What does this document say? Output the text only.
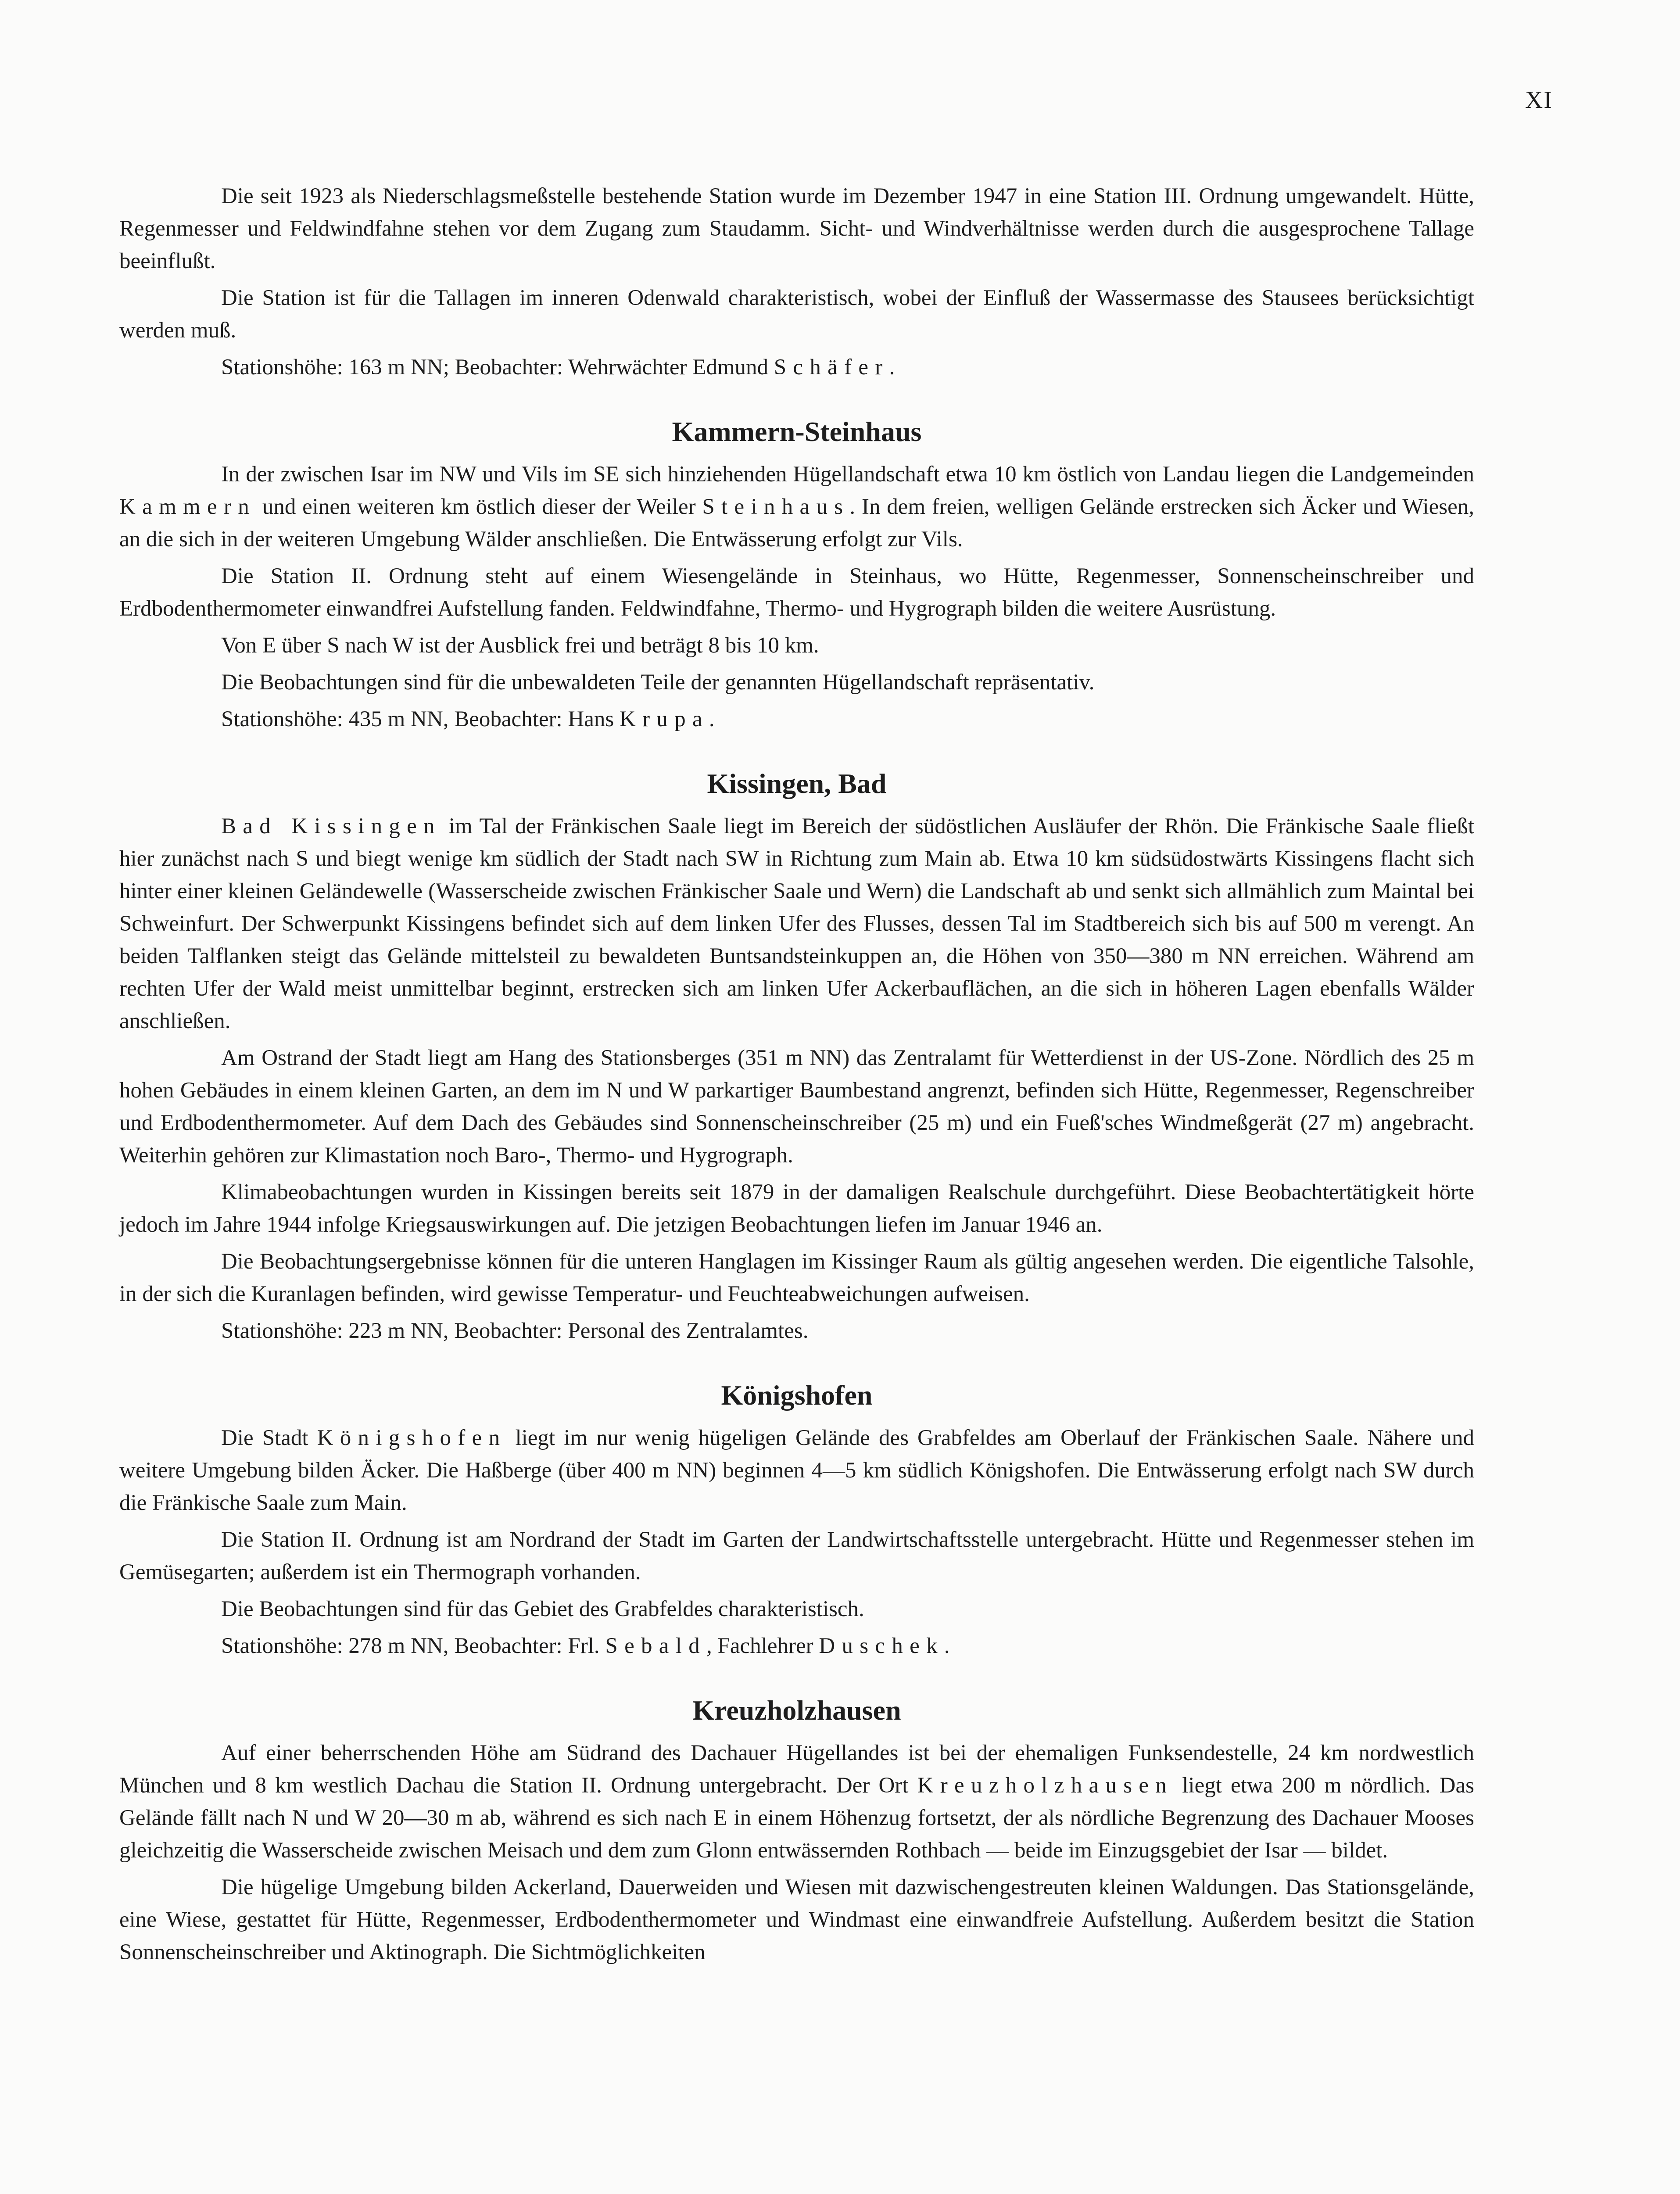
XI

Die seit 1923 als Niederschlagsmeßstelle bestehende Station wurde im Dezember 1947 in eine Station III. Ordnung umgewandelt. Hütte, Regenmesser und Feldwindfahne stehen vor dem Zugang zum Staudamm. Sicht- und Windverhältnisse werden durch die ausgesprochene Tallage beeinflußt.

Die Station ist für die Tallagen im inneren Odenwald charakteristisch, wobei der Einfluß der Wassermasse des Stausees berücksichtigt werden muß.

Stationshöhe: 163 m NN; Beobachter: Wehrwächter Edmund Schäfer.

Kammern-Steinhaus

In der zwischen Isar im NW und Vils im SE sich hinziehenden Hügellandschaft etwa 10 km östlich von Landau liegen die Landgemeinden Kammern und einen weiteren km östlich dieser der Weiler Steinhaus. In dem freien, welligen Gelände erstrecken sich Äcker und Wiesen, an die sich in der weiteren Umgebung Wälder anschließen. Die Entwässerung erfolgt zur Vils.

Die Station II. Ordnung steht auf einem Wiesengelände in Steinhaus, wo Hütte, Regenmesser, Sonnenscheinschreiber und Erdbodenthermometer einwandfrei Aufstellung fanden. Feldwindfahne, Thermo- und Hygrograph bilden die weitere Ausrüstung.

Von E über S nach W ist der Ausblick frei und beträgt 8 bis 10 km.

Die Beobachtungen sind für die unbewaldeten Teile der genannten Hügellandschaft repräsentativ.

Stationshöhe: 435 m NN, Beobachter: Hans Krupa.

Kissingen, Bad

Bad Kissingen im Tal der Fränkischen Saale liegt im Bereich der südöstlichen Ausläufer der Rhön. Die Fränkische Saale fließt hier zunächst nach S und biegt wenige km südlich der Stadt nach SW in Richtung zum Main ab. Etwa 10 km südsüdostwärts Kissingens flacht sich hinter einer kleinen Geländewelle (Wasserscheide zwischen Fränkischer Saale und Wern) die Landschaft ab und senkt sich allmählich zum Maintal bei Schweinfurt. Der Schwerpunkt Kissingens befindet sich auf dem linken Ufer des Flusses, dessen Tal im Stadtbereich sich bis auf 500 m verengt. An beiden Talflanken steigt das Gelände mittelsteil zu bewaldeten Buntsandsteinkuppen an, die Höhen von 350—380 m NN erreichen. Während am rechten Ufer der Wald meist unmittelbar beginnt, erstrecken sich am linken Ufer Ackerbauflächen, an die sich in höheren Lagen ebenfalls Wälder anschließen.

Am Ostrand der Stadt liegt am Hang des Stationsberges (351 m NN) das Zentralamt für Wetterdienst in der US-Zone. Nördlich des 25 m hohen Gebäudes in einem kleinen Garten, an dem im N und W parkartiger Baumbestand angrenzt, befinden sich Hütte, Regenmesser, Regenschreiber und Erdbodenthermometer. Auf dem Dach des Gebäudes sind Sonnenscheinschreiber (25 m) und ein Fueß'sches Windmeßgerät (27 m) angebracht. Weiterhin gehören zur Klimastation noch Baro-, Thermo- und Hygrograph.

Klimabeobachtungen wurden in Kissingen bereits seit 1879 in der damaligen Realschule durchgeführt. Diese Beobachtertätigkeit hörte jedoch im Jahre 1944 infolge Kriegsauswirkungen auf. Die jetzigen Beobachtungen liefen im Januar 1946 an.

Die Beobachtungsergebnisse können für die unteren Hanglagen im Kissinger Raum als gültig angesehen werden. Die eigentliche Talsohle, in der sich die Kuranlagen befinden, wird gewisse Temperatur- und Feuchteabweichungen aufweisen.

Stationshöhe: 223 m NN, Beobachter: Personal des Zentralamtes.

Königshofen

Die Stadt Königshofen liegt im nur wenig hügeligen Gelände des Grabfeldes am Oberlauf der Fränkischen Saale. Nähere und weitere Umgebung bilden Äcker. Die Haßberge (über 400 m NN) beginnen 4—5 km südlich Königshofen. Die Entwässerung erfolgt nach SW durch die Fränkische Saale zum Main.

Die Station II. Ordnung ist am Nordrand der Stadt im Garten der Landwirtschaftsstelle untergebracht. Hütte und Regenmesser stehen im Gemüsegarten; außerdem ist ein Thermograph vorhanden.

Die Beobachtungen sind für das Gebiet des Grabfeldes charakteristisch.

Stationshöhe: 278 m NN, Beobachter: Frl. Sebald, Fachlehrer Duschek.

Kreuzholzhausen

Auf einer beherrschenden Höhe am Südrand des Dachauer Hügellandes ist bei der ehemaligen Funksendestelle, 24 km nordwestlich München und 8 km westlich Dachau die Station II. Ordnung untergebracht. Der Ort Kreuzholzhausen liegt etwa 200 m nördlich. Das Gelände fällt nach N und W 20—30 m ab, während es sich nach E in einem Höhenzug fortsetzt, der als nördliche Begrenzung des Dachauer Mooses gleichzeitig die Wasserscheide zwischen Meisach und dem zum Glonn entwässernden Rothbach — beide im Einzugsgebiet der Isar — bildet.

Die hügelige Umgebung bilden Ackerland, Dauerweiden und Wiesen mit dazwischengestreuten kleinen Waldungen. Das Stationsgelände, eine Wiese, gestattet für Hütte, Regenmesser, Erdbodenthermometer und Windmast eine einwandfreie Aufstellung. Außerdem besitzt die Station Sonnenscheinschreiber und Aktinograph. Die Sichtmöglichkeiten
